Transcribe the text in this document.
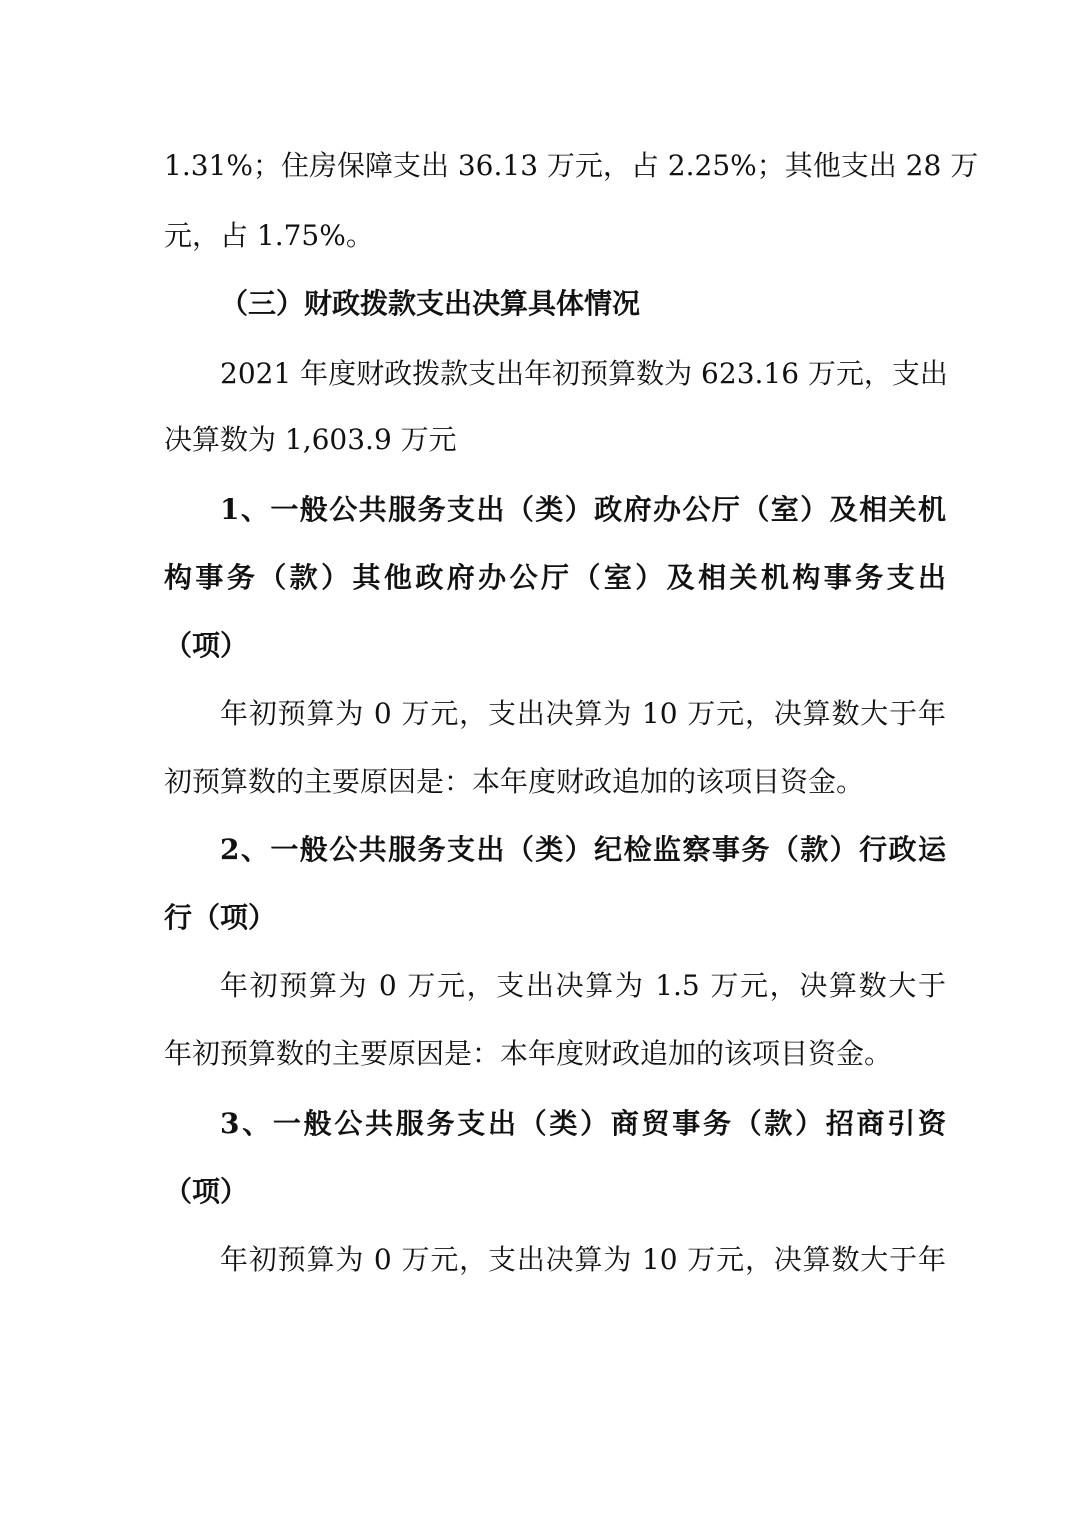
1.31%；住房保障支出 36.13 万元，占 2.25%；其他支出 28 万
元，占 1.75%。
（三）财政拨款支出决算具体情况
2021 年度财政拨款支出年初预算数为 623.16 万元，支出
决算数为 1,603.9 万元
1、一般公共服务支出（类）政府办公厅（室）及相关机
构事务（款）其他政府办公厅（室）及相关机构事务支出
（项）
年初预算为 0 万元，支出决算为 10 万元，决算数大于年
初预算数的主要原因是：本年度财政追加的该项目资金。
2、一般公共服务支出（类）纪检监察事务（款）行政运
行（项）
年初预算为 0 万元，支出决算为 1.5 万元，决算数大于
年初预算数的主要原因是：本年度财政追加的该项目资金。
3、一般公共服务支出（类）商贸事务（款）招商引资
（项）
年初预算为 0 万元，支出决算为 10 万元，决算数大于年
